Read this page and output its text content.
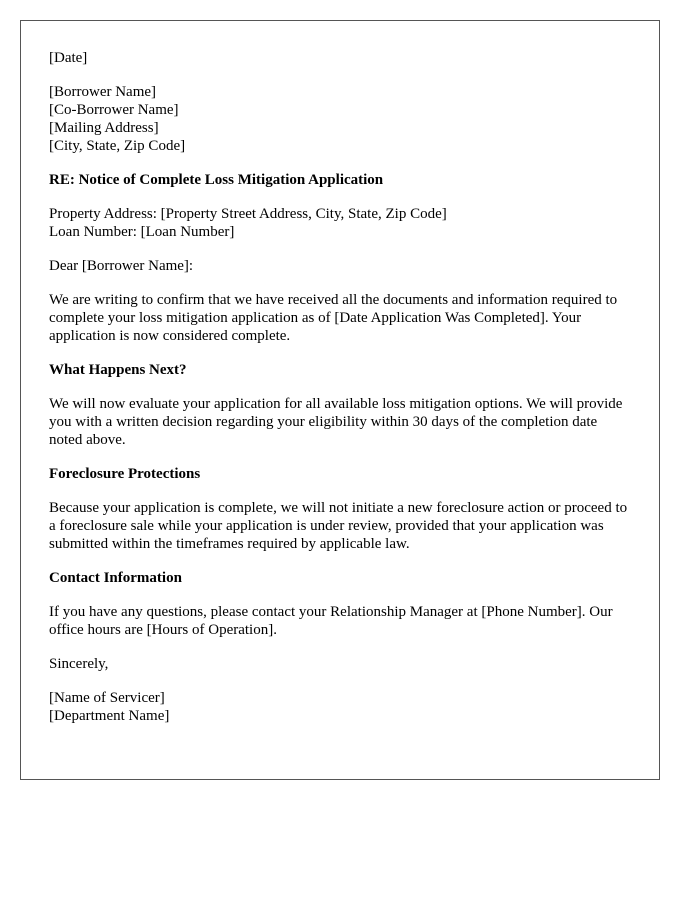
[Date]
[Borrower Name]
[Co-Borrower Name]
[Mailing Address]
[City, State, Zip Code]
RE: Notice of Complete Loss Mitigation Application
Property Address: [Property Street Address, City, State, Zip Code]
Loan Number: [Loan Number]

Dear [Borrower Name]:

We are writing to confirm that we have received all the documents and information required to complete your loss mitigation application as of [Date Application Was Completed]. Your application is now considered complete.

What Happens Next?

We will now evaluate your application for all available loss mitigation options. We will provide you with a written decision regarding your eligibility within 30 days of the completion date noted above.

Foreclosure Protections

Because your application is complete, we will not initiate a new foreclosure action or proceed to a foreclosure sale while your application is under review, provided that your application was submitted within the timeframes required by applicable law.

Contact Information

If you have any questions, please contact your Relationship Manager at [Phone Number]. Our office hours are [Hours of Operation].

Sincerely,

[Name of Servicer]
[Department Name]
